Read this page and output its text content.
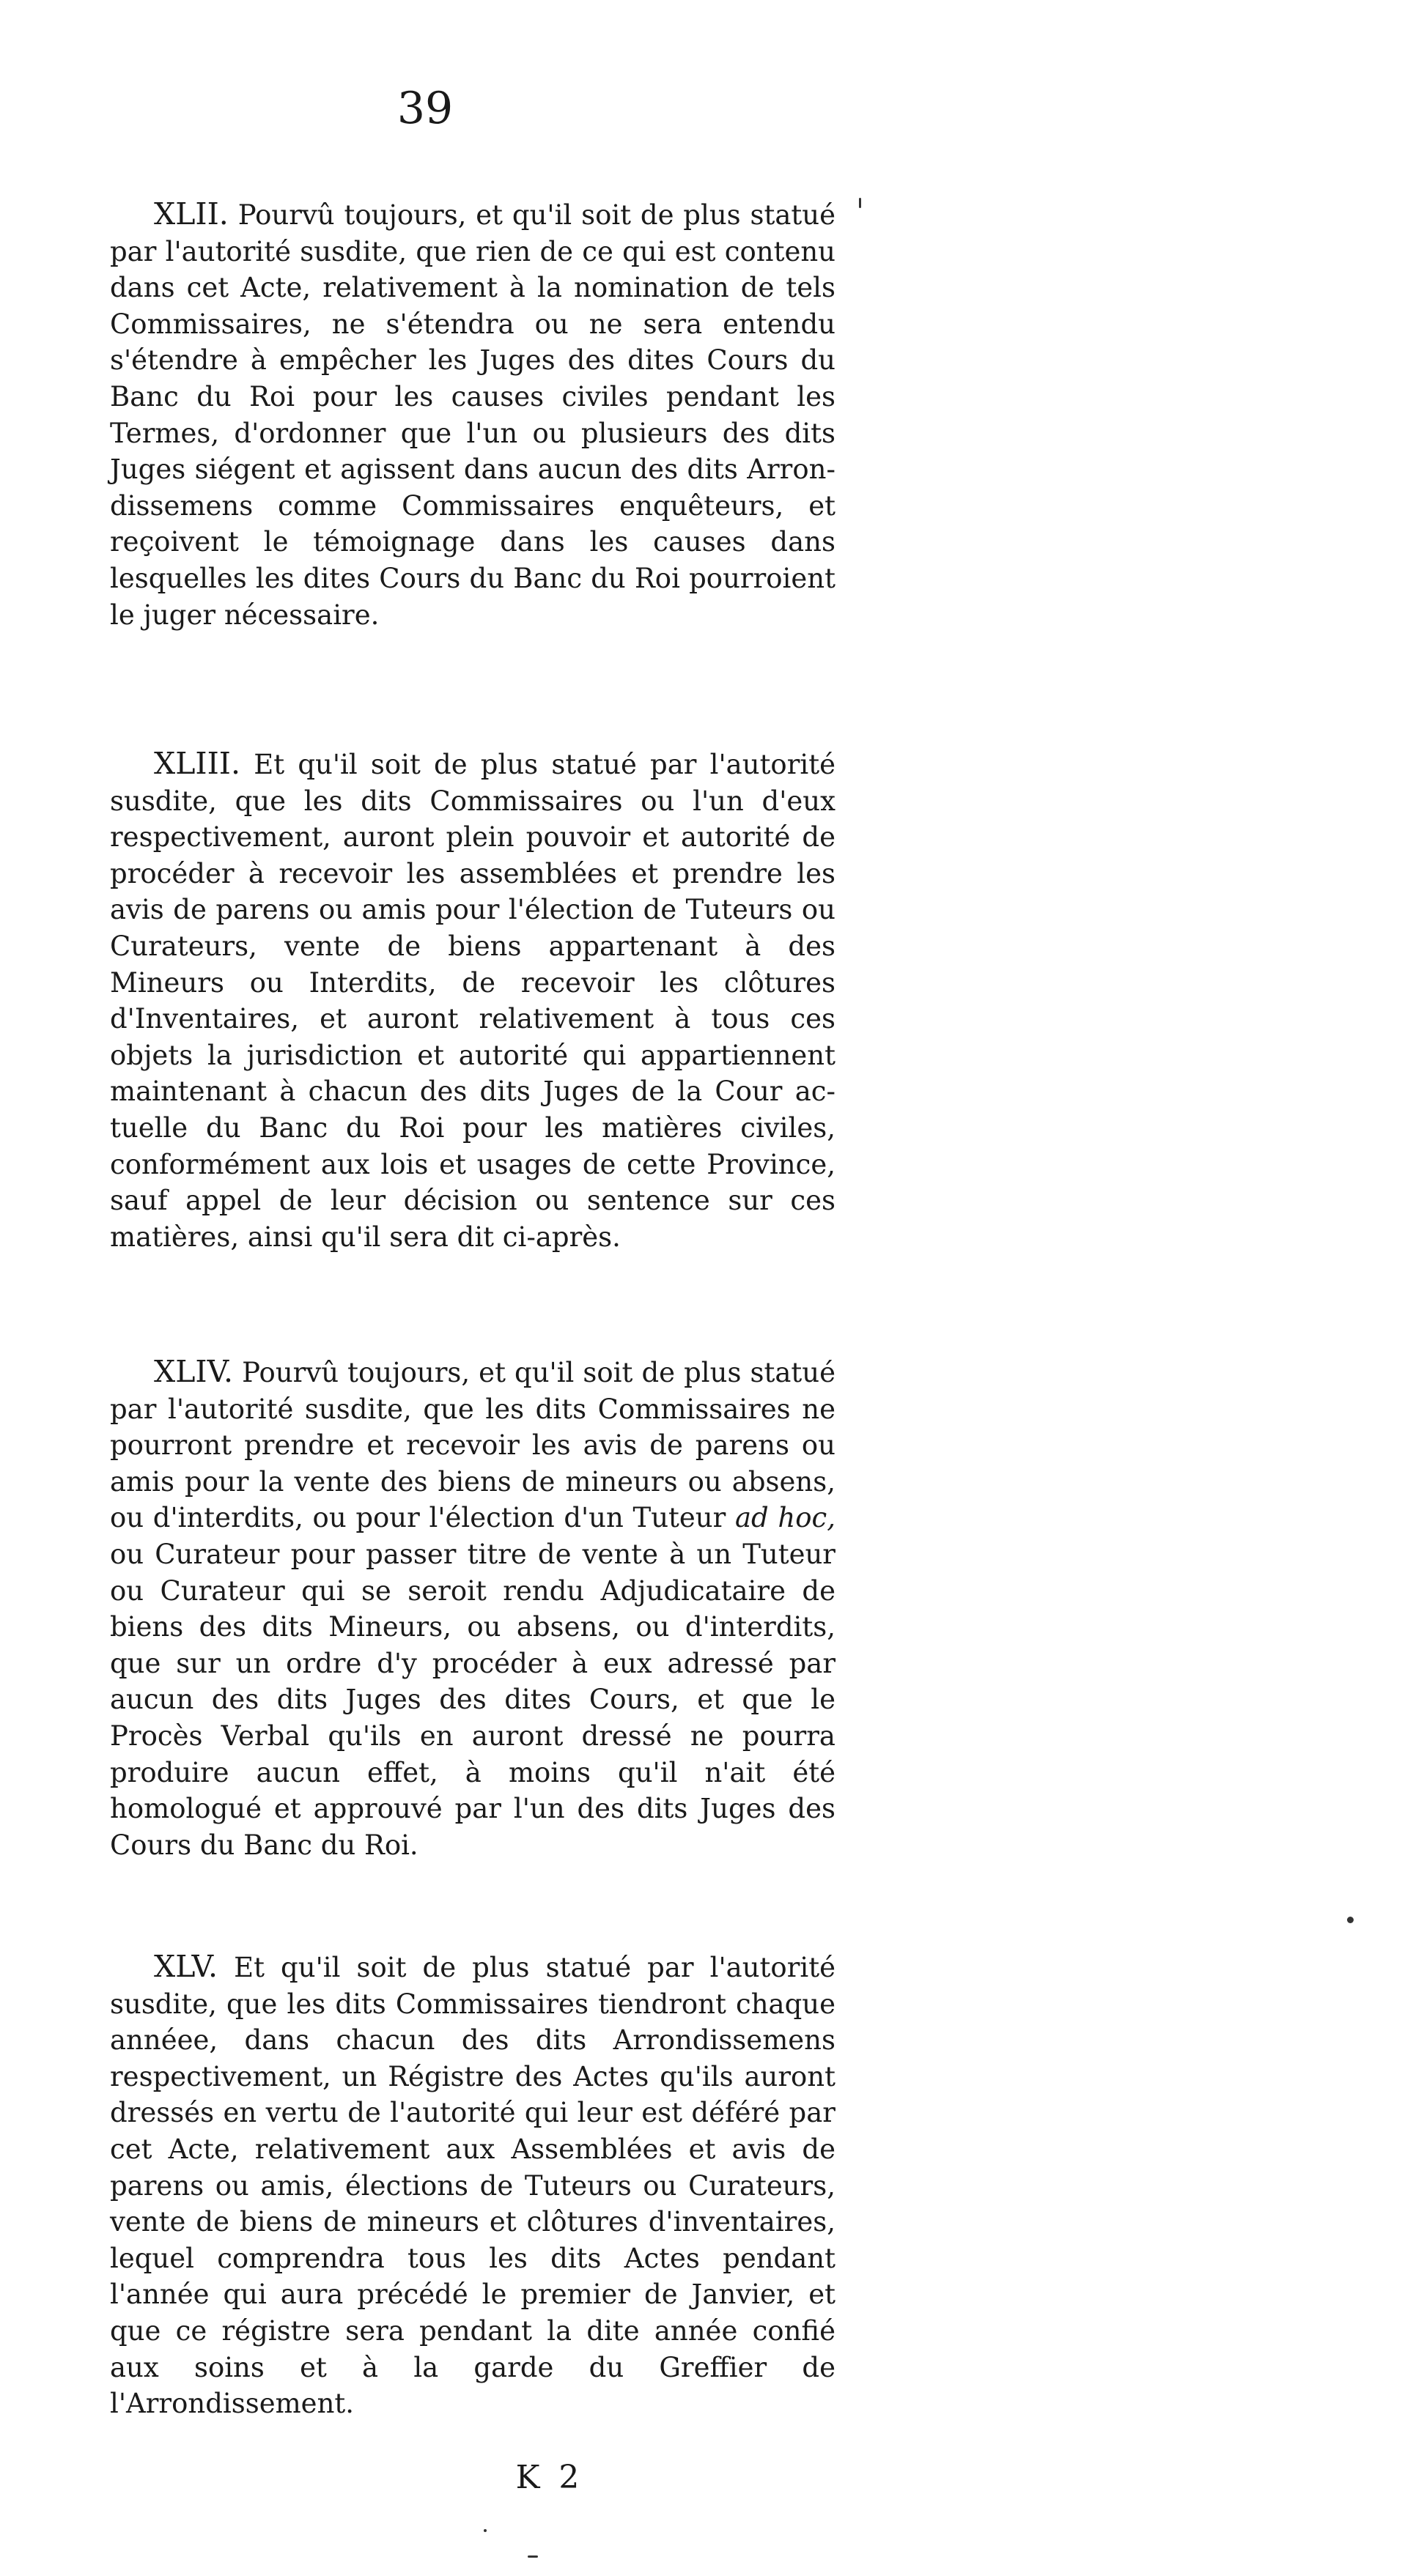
39

XLII. Pourvû toujours, et qu'il soit de plus statué par l'autorité susdite, que rien de ce qui est contenu dans cet Acte, relativement à la nomination de tels Commissaires, ne s'étendra ou ne sera entendu s'étendre à empêcher les Juges des dites Cours du Banc du Roi pour les causes civiles pendant les Termes, d'ordonner que l'un ou plusieurs des dits Juges siégent et agissent dans aucun des dits Arrondissemens comme Commissaires enquêteurs, et reçoivent le témoignage dans les causes dans lesquelles les dites Cours du Banc du Roi pourroient le juger nécessaire.

XLIII. Et qu'il soit de plus statué par l'autorité susdite, que les dits Commissaires ou l'un d'eux respectivement, auront plein pouvoir et autorité de procéder à recevoir les assemblées et prendre les avis de parens ou amis pour l'élection de Tuteurs ou Curateurs, vente de biens appartenant à des Mineurs ou Interdits, de recevoir les clôtures d'Inventaires, et auront relativement à tous ces objets la jurisdiction et autorité qui appartiennent maintenant à chacun des dits Juges de la Cour actuelle du Banc du Roi pour les matières civiles, conformément aux lois et usages de cette Province, sauf appel de leur décision ou sentence sur ces matières, ainsi qu'il sera dit ci-après.

XLIV. Pourvû toujours, et qu'il soit de plus statué par l'autorité susdite, que les dits Commissaires ne pourront prendre et recevoir les avis de parens ou amis pour la vente des biens de mineurs ou absens, ou d'interdits, ou pour l'élection d'un Tuteur ad hoc, ou Curateur pour passer titre de vente à un Tuteur ou Curateur qui se seroit rendu Adjudicataire de biens des dits Mineurs, ou absens, ou d'interdits, que sur un ordre d'y procéder à eux adressé par aucun des dits Juges des dites Cours, et que le Procès Verbal qu'ils en auront dressé ne pourra produire aucun effet, à moins qu'il n'ait été homologué et approuvé par l'un des dits Juges des Cours du Banc du Roi.

XLV. Et qu'il soit de plus statué par l'autorité susdite, que les dits Commissaires tiendront chaque annéee, dans chacun des dits Arrondissemens respectivement, un Régistre des Actes qu'ils auront dressés en vertu de l'autorité qui leur est déféré par cet Acte, relativement aux Assemblées et avis de parens ou amis, élections de Tuteurs ou Curateurs, vente de biens de mineurs et clôtures d'inventaires, lequel comprendra tous les dits Actes pendant l'année qui aura précédé le premier de Janvier, et que ce régistre sera pendant la dite année confié aux soins et à la garde du Greffier de l'Arrondissement.

K 2
